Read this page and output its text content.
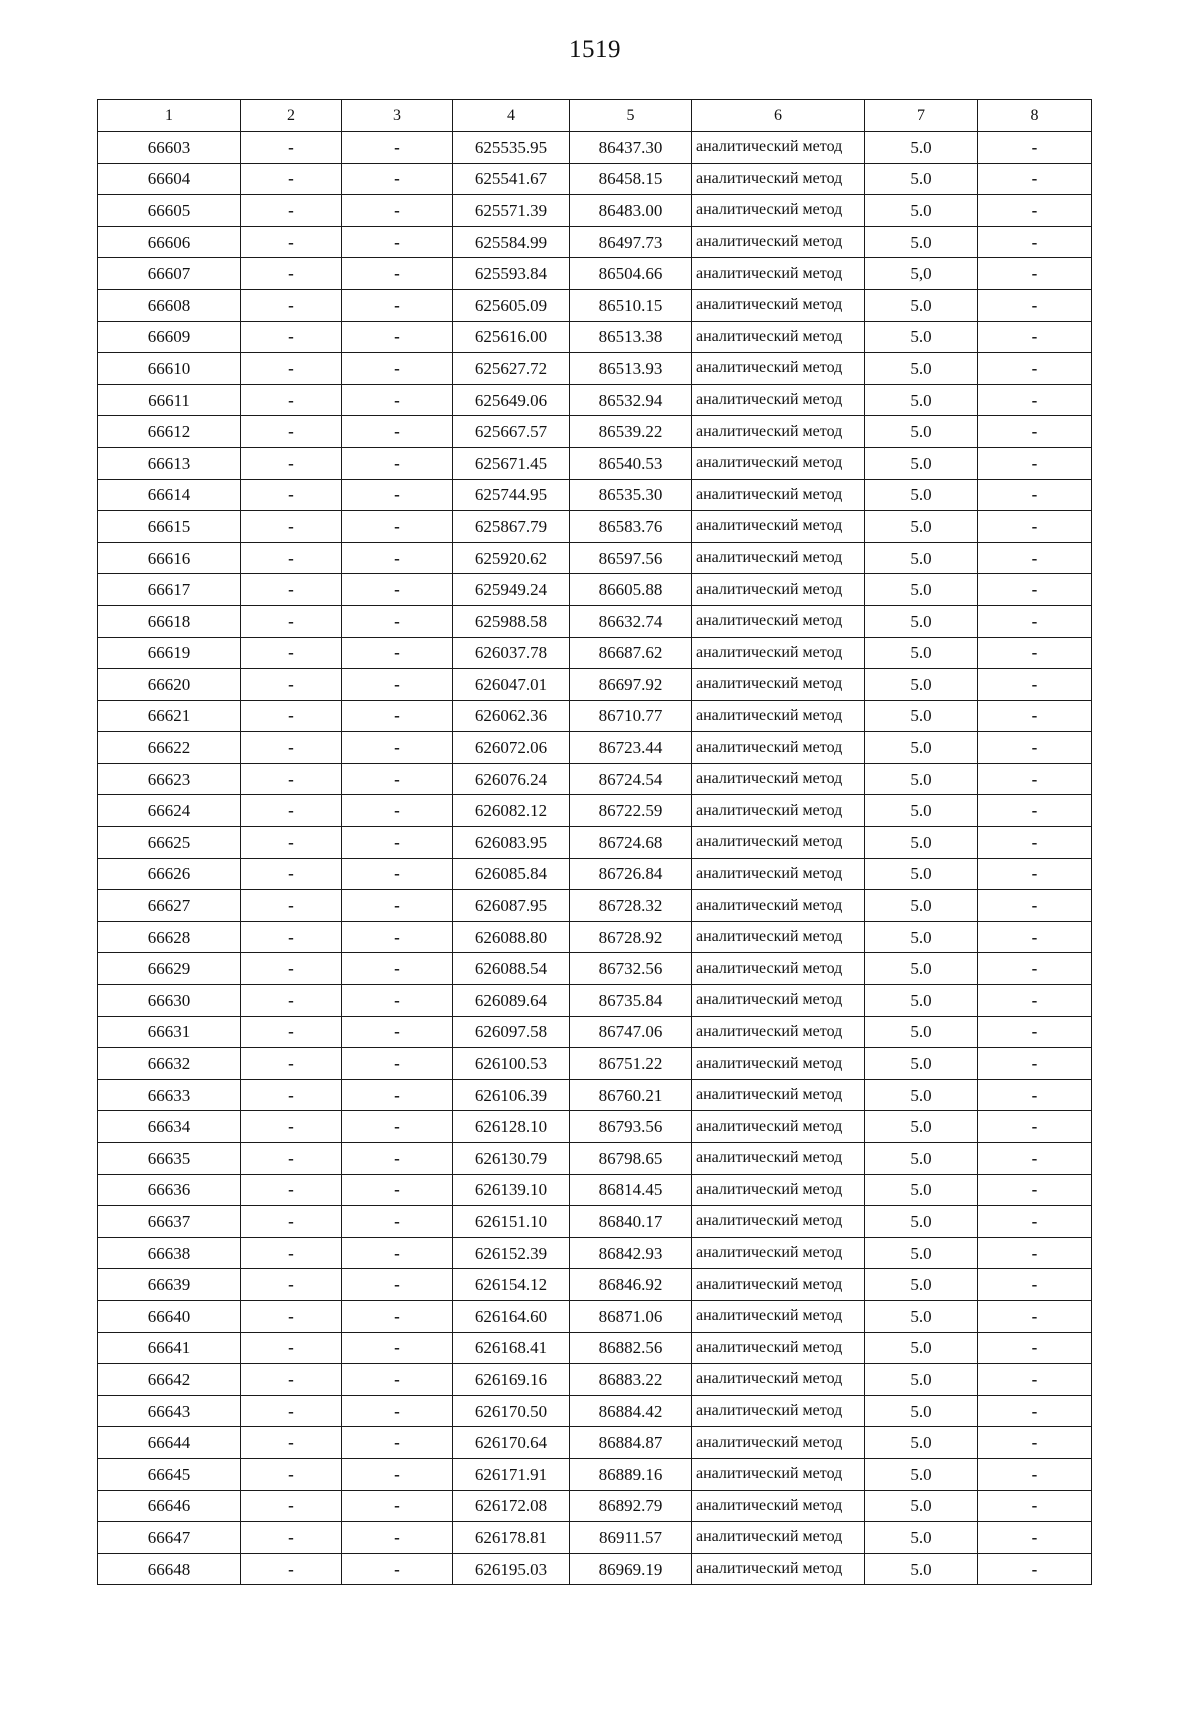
1519
1	2	3	4	5	6	7	8
66603	-	-	625535.95	86437.30	аналитический метод	5.0	-
66604	-	-	625541.67	86458.15	аналитический метод	5.0	-
66605	-	-	625571.39	86483.00	аналитический метод	5.0	-
66606	-	-	625584.99	86497.73	аналитический метод	5.0	-
66607	-	-	625593.84	86504.66	аналитический метод	5,0	-
66608	-	-	625605.09	86510.15	аналитический метод	5.0	-
66609	-	-	625616.00	86513.38	аналитический метод	5.0	-
66610	-	-	625627.72	86513.93	аналитический метод	5.0	-
66611	-	-	625649.06	86532.94	аналитический метод	5.0	-
66612	-	-	625667.57	86539.22	аналитический метод	5.0	-
66613	-	-	625671.45	86540.53	аналитический метод	5.0	-
66614	-	-	625744.95	86535.30	аналитический метод	5.0	-
66615	-	-	625867.79	86583.76	аналитический метод	5.0	-
66616	-	-	625920.62	86597.56	аналитический метод	5.0	-
66617	-	-	625949.24	86605.88	аналитический метод	5.0	-
66618	-	-	625988.58	86632.74	аналитический метод	5.0	-
66619	-	-	626037.78	86687.62	аналитический метод	5.0	-
66620	-	-	626047.01	86697.92	аналитический метод	5.0	-
66621	-	-	626062.36	86710.77	аналитический метод	5.0	-
66622	-	-	626072.06	86723.44	аналитический метод	5.0	-
66623	-	-	626076.24	86724.54	аналитический метод	5.0	-
66624	-	-	626082.12	86722.59	аналитический метод	5.0	-
66625	-	-	626083.95	86724.68	аналитический метод	5.0	-
66626	-	-	626085.84	86726.84	аналитический метод	5.0	-
66627	-	-	626087.95	86728.32	аналитический метод	5.0	-
66628	-	-	626088.80	86728.92	аналитический метод	5.0	-
66629	-	-	626088.54	86732.56	аналитический метод	5.0	-
66630	-	-	626089.64	86735.84	аналитический метод	5.0	-
66631	-	-	626097.58	86747.06	аналитический метод	5.0	-
66632	-	-	626100.53	86751.22	аналитический метод	5.0	-
66633	-	-	626106.39	86760.21	аналитический метод	5.0	-
66634	-	-	626128.10	86793.56	аналитический метод	5.0	-
66635	-	-	626130.79	86798.65	аналитический метод	5.0	-
66636	-	-	626139.10	86814.45	аналитический метод	5.0	-
66637	-	-	626151.10	86840.17	аналитический метод	5.0	-
66638	-	-	626152.39	86842.93	аналитический метод	5.0	-
66639	-	-	626154.12	86846.92	аналитический метод	5.0	-
66640	-	-	626164.60	86871.06	аналитический метод	5.0	-
66641	-	-	626168.41	86882.56	аналитический метод	5.0	-
66642	-	-	626169.16	86883.22	аналитический метод	5.0	-
66643	-	-	626170.50	86884.42	аналитический метод	5.0	-
66644	-	-	626170.64	86884.87	аналитический метод	5.0	-
66645	-	-	626171.91	86889.16	аналитический метод	5.0	-
66646	-	-	626172.08	86892.79	аналитический метод	5.0	-
66647	-	-	626178.81	86911.57	аналитический метод	5.0	-
66648	-	-	626195.03	86969.19	аналитический метод	5.0	-
